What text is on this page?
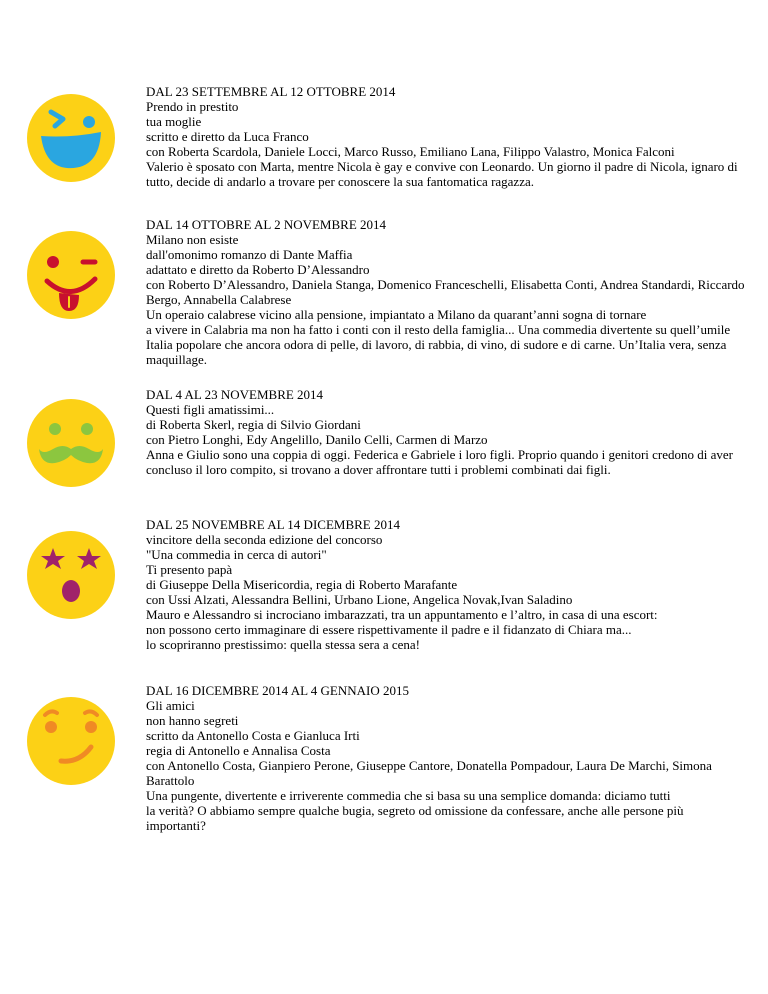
DAL 23 SETTEMBRE AL 12 OTTOBRE 2014
Prendo in prestito
tua moglie
scritto e diretto da Luca Franco
con Roberta Scardola, Daniele Locci, Marco Russo, Emiliano Lana, Filippo Valastro, Monica Falconi
Valerio è sposato con Marta, mentre Nicola è gay e convive con Leonardo. Un giorno il padre di Nicola, ignaro di tutto, decide di andarlo a trovare per conoscere la sua fantomatica ragazza.
DAL 14 OTTOBRE AL 2 NOVEMBRE 2014
Milano non esiste
dall'omonimo romanzo di Dante Maffia
adattato e diretto da Roberto D’Alessandro
con Roberto D’Alessandro, Daniela Stanga, Domenico Franceschelli, Elisabetta Conti, Andrea Standardi, Riccardo Bergo, Annabella Calabrese
Un operaio calabrese vicino alla pensione, impiantato a Milano da quarant’anni sogna di tornare
a vivere in Calabria ma non ha fatto i conti con il resto della famiglia... Una commedia divertente su quell’umile Italia popolare che ancora odora di pelle, di lavoro, di rabbia, di vino, di sudore e di carne. Un’Italia vera, senza maquillage.
DAL 4 AL 23 NOVEMBRE 2014
Questi figli amatissimi...
di Roberta Skerl, regia di Silvio Giordani
con Pietro Longhi, Edy Angelillo, Danilo Celli, Carmen di Marzo
Anna e Giulio sono una coppia di oggi. Federica e Gabriele i loro figli. Proprio quando i genitori credono di aver concluso il loro compito, si trovano a dover affrontare tutti i problemi combinati dai figli.
DAL 25 NOVEMBRE AL 14 DICEMBRE 2014
vincitore della seconda edizione del concorso
"Una commedia in cerca di autori"
Ti presento papà
di Giuseppe Della Misericordia, regia di Roberto Marafante
con Ussi Alzati, Alessandra Bellini, Urbano Lione, Angelica Novak,Ivan Saladino
Mauro e Alessandro si incrociano imbarazzati, tra un appuntamento e l’altro, in casa di una escort:
non possono certo immaginare di essere rispettivamente il padre e il fidanzato di Chiara ma...
lo scopriranno prestissimo: quella stessa sera a cena!
DAL 16 DICEMBRE 2014 AL 4 GENNAIO 2015
Gli amici
non hanno segreti
scritto da Antonello Costa e Gianluca Irti
regia di Antonello e Annalisa Costa
con Antonello Costa, Gianpiero Perone, Giuseppe Cantore, Donatella Pompadour, Laura De Marchi, Simona Barattolo
Una pungente, divertente e irriverente commedia che si basa su una semplice domanda: diciamo tutti
la verità? O abbiamo sempre qualche bugia, segreto od omissione da confessare, anche alle persone più importanti?
